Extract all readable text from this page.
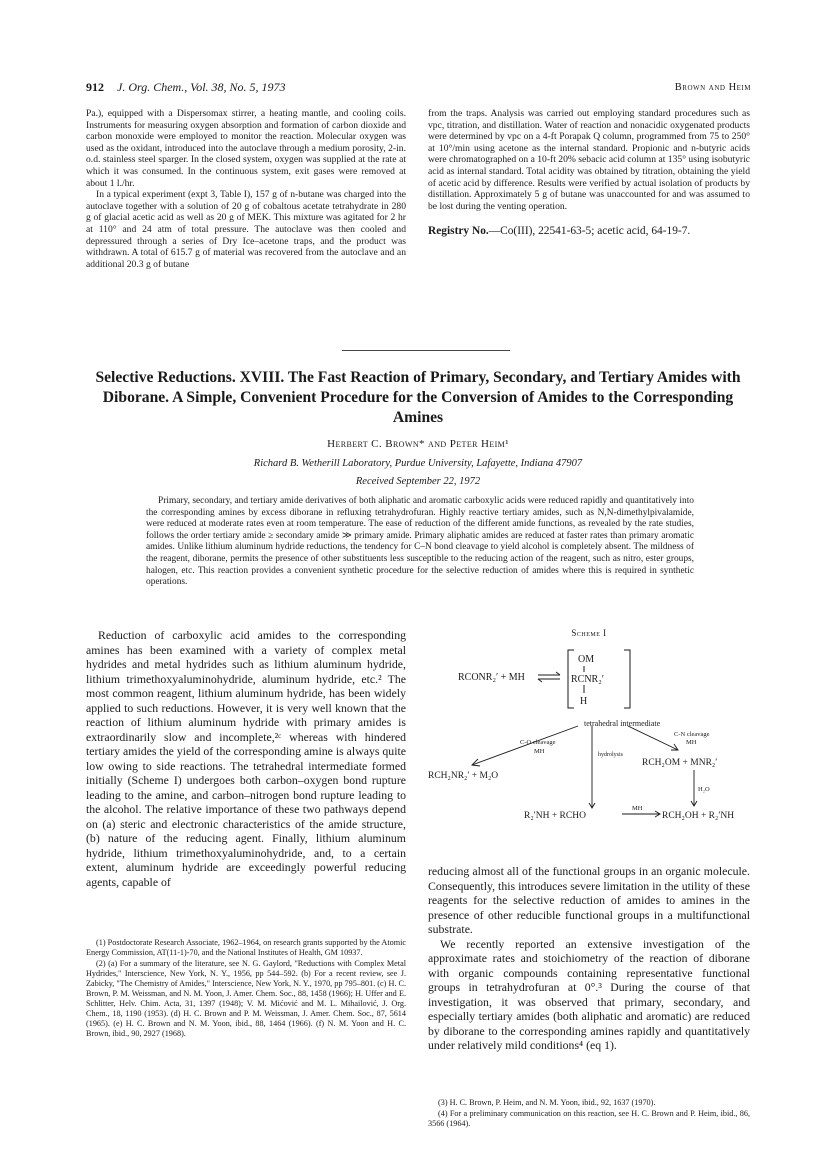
912 J. Org. Chem., Vol. 38, No. 5, 1973	Brown and Heim

Pa.), equipped with a Dispersomax stirrer, a heating mantle, and cooling coils. Instruments for measuring oxygen absorption and formation of carbon dioxide and carbon monoxide were employed to monitor the reaction. Molecular oxygen was used as the oxidant, introduced into the autoclave through a medium porosity, 2-in. o.d. stainless steel sparger. In the closed system, oxygen was supplied at the rate at which it was consumed. In the continuous system, exit gases were removed at about 1 l./hr.

In a typical experiment (expt 3, Table I), 157 g of n-butane was charged into the autoclave together with a solution of 20 g of cobaltous acetate tetrahydrate in 280 g of glacial acetic acid as well as 20 g of MEK. This mixture was agitated for 2 hr at 110° and 24 atm of total pressure. The autoclave was then cooled and depressured through a series of Dry Ice–acetone traps, and the product was withdrawn. A total of 615.7 g of material was recovered from the autoclave and an additional 20.3 g of butane

from the traps. Analysis was carried out employing standard procedures such as vpc, titration, and distillation. Water of reaction and nonacidic oxygenated products were determined by vpc on a 4-ft Porapak Q column, programmed from 75 to 250° at 10°/min using acetone as the internal standard. Propionic and n-butyric acids were chromatographed on a 10-ft 20% sebacic acid column at 135° using isobutyric acid as internal standard. Total acidity was obtained by titration, obtaining the yield of acetic acid by difference. Results were verified by actual isolation of products by distillation. Approximately 5 g of butane was unaccounted for and was assumed to be lost during the venting operation.

Registry No.—Co(III), 22541-63-5; acetic acid, 64-19-7.
Selective Reductions. XVIII. The Fast Reaction of Primary, Secondary, and Tertiary Amides with Diborane. A Simple, Convenient Procedure for the Conversion of Amides to the Corresponding Amines
Herbert C. Brown* and Peter Heim¹
Richard B. Wetherill Laboratory, Purdue University, Lafayette, Indiana 47907
Received September 22, 1972
Primary, secondary, and tertiary amide derivatives of both aliphatic and aromatic carboxylic acids were reduced rapidly and quantitatively into the corresponding amines by excess diborane in refluxing tetrahydrofuran. Highly reactive tertiary amides, such as N,N-dimethylpivalamide, were reduced at moderate rates even at room temperature. The ease of reduction of the different amide functions, as revealed by the rate studies, follows the order tertiary amide ≥ secondary amide ≫ primary amide. Primary aliphatic amides are reduced at faster rates than primary aromatic amides. Unlike lithium aluminum hydride reductions, the tendency for C–N bond cleavage to yield alcohol is completely absent. The mildness of the reagent, diborane, permits the presence of other substituents less susceptible to the reducing action of the reagent, such as nitro, ester groups, halogen, etc. This reaction provides a convenient synthetic procedure for the selective reduction of amides where this is required in synthetic operations.

Reduction of carboxylic acid amides to the corresponding amines has been examined with a variety of complex metal hydrides and metal hydrides such as lithium aluminum hydride, lithium trimethoxyaluminohydride, aluminum hydride, etc.² The most common reagent, lithium aluminum hydride, has been widely applied to such reductions. However, it is very well known that the reaction of lithium aluminum hydride with primary amides is extraordinarily slow and incomplete,²ᶜ whereas with hindered tertiary amides the yield of the corresponding amine is always quite low owing to side reactions. The tetrahedral intermediate formed initially (Scheme I) undergoes both carbon–oxygen bond rupture leading to the amine, and carbon–nitrogen bond rupture leading to the alcohol. The relative importance of these two pathways depend on (a) steric and electronic characteristics of the amide structure, (b) nature of the reducing agent. Finally, lithium aluminum hydride, lithium trimethoxyaluminohydride, and, to a certain extent, aluminum hydride are exceedingly powerful reducing agents, capable of

(1) Postdoctorate Research Associate, 1962–1964, on research grants supported by the Atomic Energy Commission, AT(11-1)-70, and the National Institutes of Health, GM 10937.

(2) (a) For a summary of the literature, see N. G. Gaylord, "Reductions with Complex Metal Hydrides," Interscience, New York, N. Y., 1956, pp 544–592. (b) For a recent review, see J. Zabicky, "The Chemistry of Amides," Interscience, New York, N. Y., 1970, pp 795–801. (c) H. C. Brown, P. M. Weissman, and N. M. Yoon, J. Amer. Chem. Soc., 88, 1458 (1966); H. Uffer and E. Schlitter, Helv. Chim. Acta, 31, 1397 (1948); V. M. Mićović and M. L. Mihailović, J. Org. Chem., 18, 1190 (1953). (d) H. C. Brown and P. M. Weissman, J. Amer. Chem. Soc., 87, 5614 (1965). (e) H. C. Brown and N. M. Yoon, ibid., 88, 1464 (1966). (f) N. M. Yoon and H. C. Brown, ibid., 90, 2927 (1968).

Scheme I
RCONR₂′ + MH
OM
RCNR₂′
H
tetrahedral intermediate
C-O cleavage
MH
C-N cleavage
MH
hydrolysis
H₂O
RCH₂NR₂′ + M₂O
RCH₂OM + MNR₂′
MH
R₂′NH + RCHO	RCH₂OH + R₂′NH

reducing almost all of the functional groups in an organic molecule. Consequently, this introduces severe limitation in the utility of these reagents for the selective reduction of amides to amines in the presence of other reducible functional groups in a multifunctional substrate.

We recently reported an extensive investigation of the approximate rates and stoichiometry of the reaction of diborane with organic compounds containing representative functional groups in tetrahydrofuran at 0°.³ During the course of that investigation, it was observed that primary, secondary, and especially tertiary amides (both aliphatic and aromatic) are reduced by diborane to the corresponding amines rapidly and quantitatively under relatively mild conditions⁴ (eq 1).

(3) H. C. Brown, P. Heim, and N. M. Yoon, ibid., 92, 1637 (1970).

(4) For a preliminary communication on this reaction, see H. C. Brown and P. Heim, ibid., 86, 3566 (1964).
